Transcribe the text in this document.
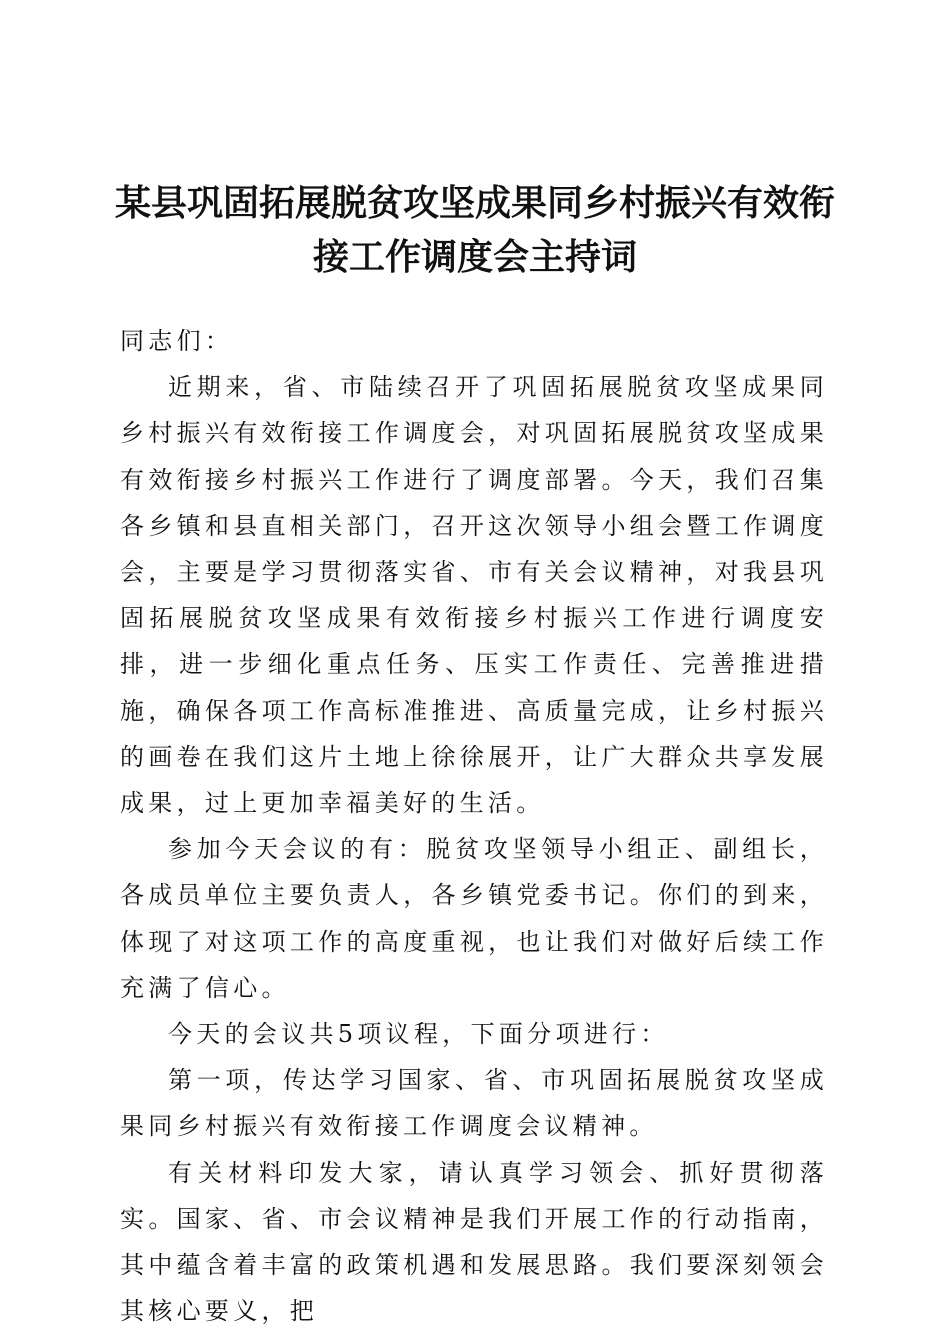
某县巩固拓展脱贫攻坚成果同乡村振兴有效衔
接工作调度会主持词

同志们：

近期来，省、市陆续召开了巩固拓展脱贫攻坚成果同乡村振兴有效衔接工作调度会，对巩固拓展脱贫攻坚成果有效衔接乡村振兴工作进行了调度部署。今天，我们召集各乡镇和县直相关部门，召开这次领导小组会暨工作调度会，主要是学习贯彻落实省、市有关会议精神，对我县巩固拓展脱贫攻坚成果有效衔接乡村振兴工作进行调度安排，进一步细化重点任务、压实工作责任、完善推进措施，确保各项工作高标准推进、高质量完成，让乡村振兴的画卷在我们这片土地上徐徐展开，让广大群众共享发展成果，过上更加幸福美好的生活。

参加今天会议的有：脱贫攻坚领导小组正、副组长，各成员单位主要负责人，各乡镇党委书记。你们的到来，体现了对这项工作的高度重视，也让我们对做好后续工作充满了信心。

今天的会议共5项议程，下面分项进行：

第一项，传达学习国家、省、市巩固拓展脱贫攻坚成果同乡村振兴有效衔接工作调度会议精神。

有关材料印发大家，请认真学习领会、抓好贯彻落实。国家、省、市会议精神是我们开展工作的行动指南，其中蕴含着丰富的政策机遇和发展思路。我们要深刻领会其核心要义，把
